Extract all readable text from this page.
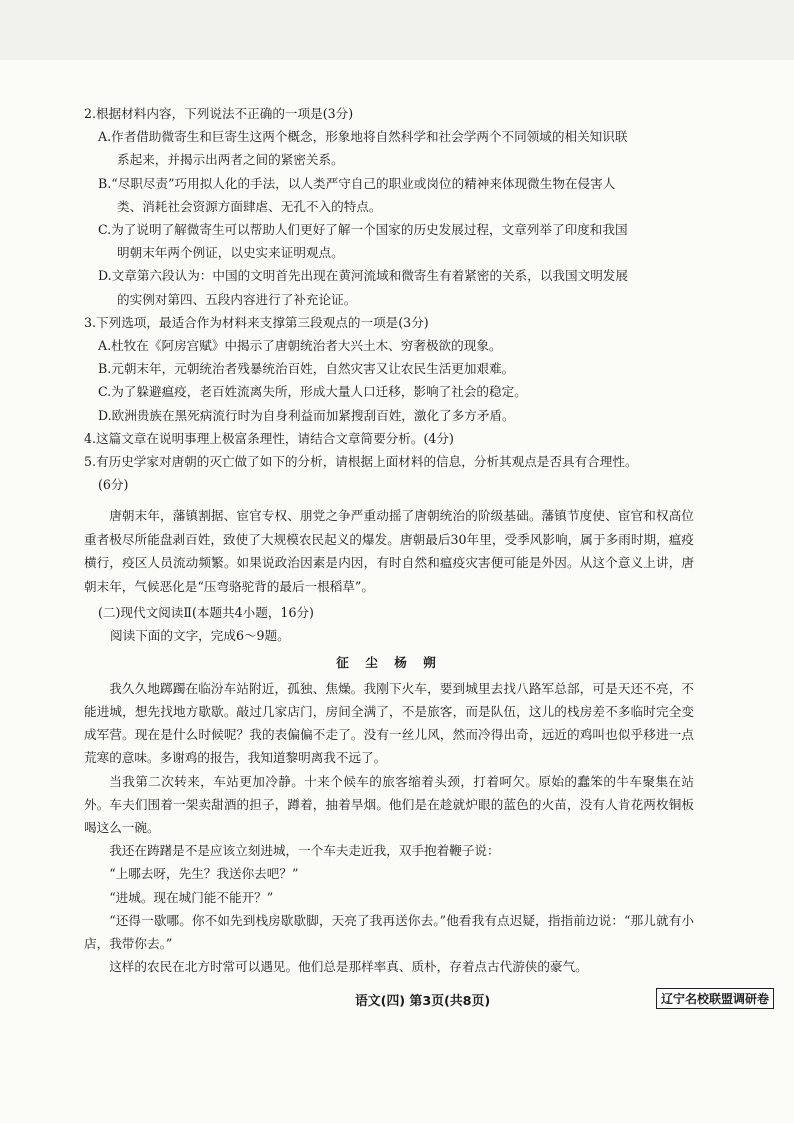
2.根据材料内容，下列说法不正确的一项是(3分)
A.作者借助微寄生和巨寄生这两个概念，形象地将自然科学和社会学两个不同领域的相关知识联
系起来，并揭示出两者之间的紧密关系。
B.“尽职尽责”巧用拟人化的手法，以人类严守自己的职业或岗位的精神来体现微生物在侵害人
类、消耗社会资源方面肆虐、无孔不入的特点。
C.为了说明了解微寄生可以帮助人们更好了解一个国家的历史发展过程，文章列举了印度和我国
明朝末年两个例证，以史实来证明观点。
D.文章第六段认为：中国的文明首先出现在黄河流域和微寄生有着紧密的关系，以我国文明发展
的实例对第四、五段内容进行了补充论证。
3.下列选项，最适合作为材料来支撑第三段观点的一项是(3分)
A.杜牧在《阿房宫赋》中揭示了唐朝统治者大兴土木、穷奢极欲的现象。
B.元朝末年，元朝统治者残暴统治百姓，自然灾害又让农民生活更加艰难。
C.为了躲避瘟疫，老百姓流离失所，形成大量人口迁移，影响了社会的稳定。
D.欧洲贵族在黑死病流行时为自身利益而加紧搜刮百姓，激化了多方矛盾。
4.这篇文章在说明事理上极富条理性，请结合文章简要分析。(4分)
5.有历史学家对唐朝的灭亡做了如下的分析，请根据上面材料的信息，分析其观点是否具有合理性。
(6分)
唐朝末年，藩镇割据、宦官专权、朋党之争严重动摇了唐朝统治的阶级基础。藩镇节度使、宦官和权高位重者极尽所能盘剥百姓，致使了大规模农民起义的爆发。唐朝最后30年里，受季风影响，属于多雨时期，瘟疫横行，疫区人员流动频繁。如果说政治因素是内因，有时自然和瘟疫灾害便可能是外因。从这个意义上讲，唐朝末年，气候恶化是“压弯骆驼背的最后一根稻草”。
(二)现代文阅读Ⅱ(本题共4小题，16分)
阅读下面的文字，完成6～9题。
征 尘 杨 朔
我久久地踯躅在临汾车站附近，孤独、焦燥。我刚下火车，要到城里去找八路军总部，可是天还不亮，不能进城，想先找地方歇歇。敲过几家店门，房间全满了，不是旅客，而是队伍，这儿的栈房差不多临时完全变成军营。现在是什么时候呢？我的表偏偏不走了。没有一丝儿风，然而冷得出奇，远近的鸡叫也似乎移进一点荒寒的意味。多谢鸡的报告，我知道黎明离我不远了。
当我第二次转来，车站更加冷静。十来个候车的旅客缩着头颈，打着呵欠。原始的蠢笨的牛车聚集在站外。车夫们围着一架卖甜酒的担子，蹲着，抽着旱烟。他们是在趁就炉眼的蓝色的火苗，没有人肯花两枚铜板喝这么一碗。
我还在踌躇是不是应该立刻进城，一个车夫走近我，双手抱着鞭子说：
“上哪去呀，先生？我送你去吧？”
“进城。现在城门能不能开？”
“还得一歇哪。你不如先到栈房歇歇脚，天亮了我再送你去。”他看我有点迟疑，指指前边说：“那儿就有小店，我带你去。”
这样的农民在北方时常可以遇见。他们总是那样率真、质朴，存着点古代游侠的豪气。
语文(四) 第3页(共8页)	辽宁名校联盟调研卷
